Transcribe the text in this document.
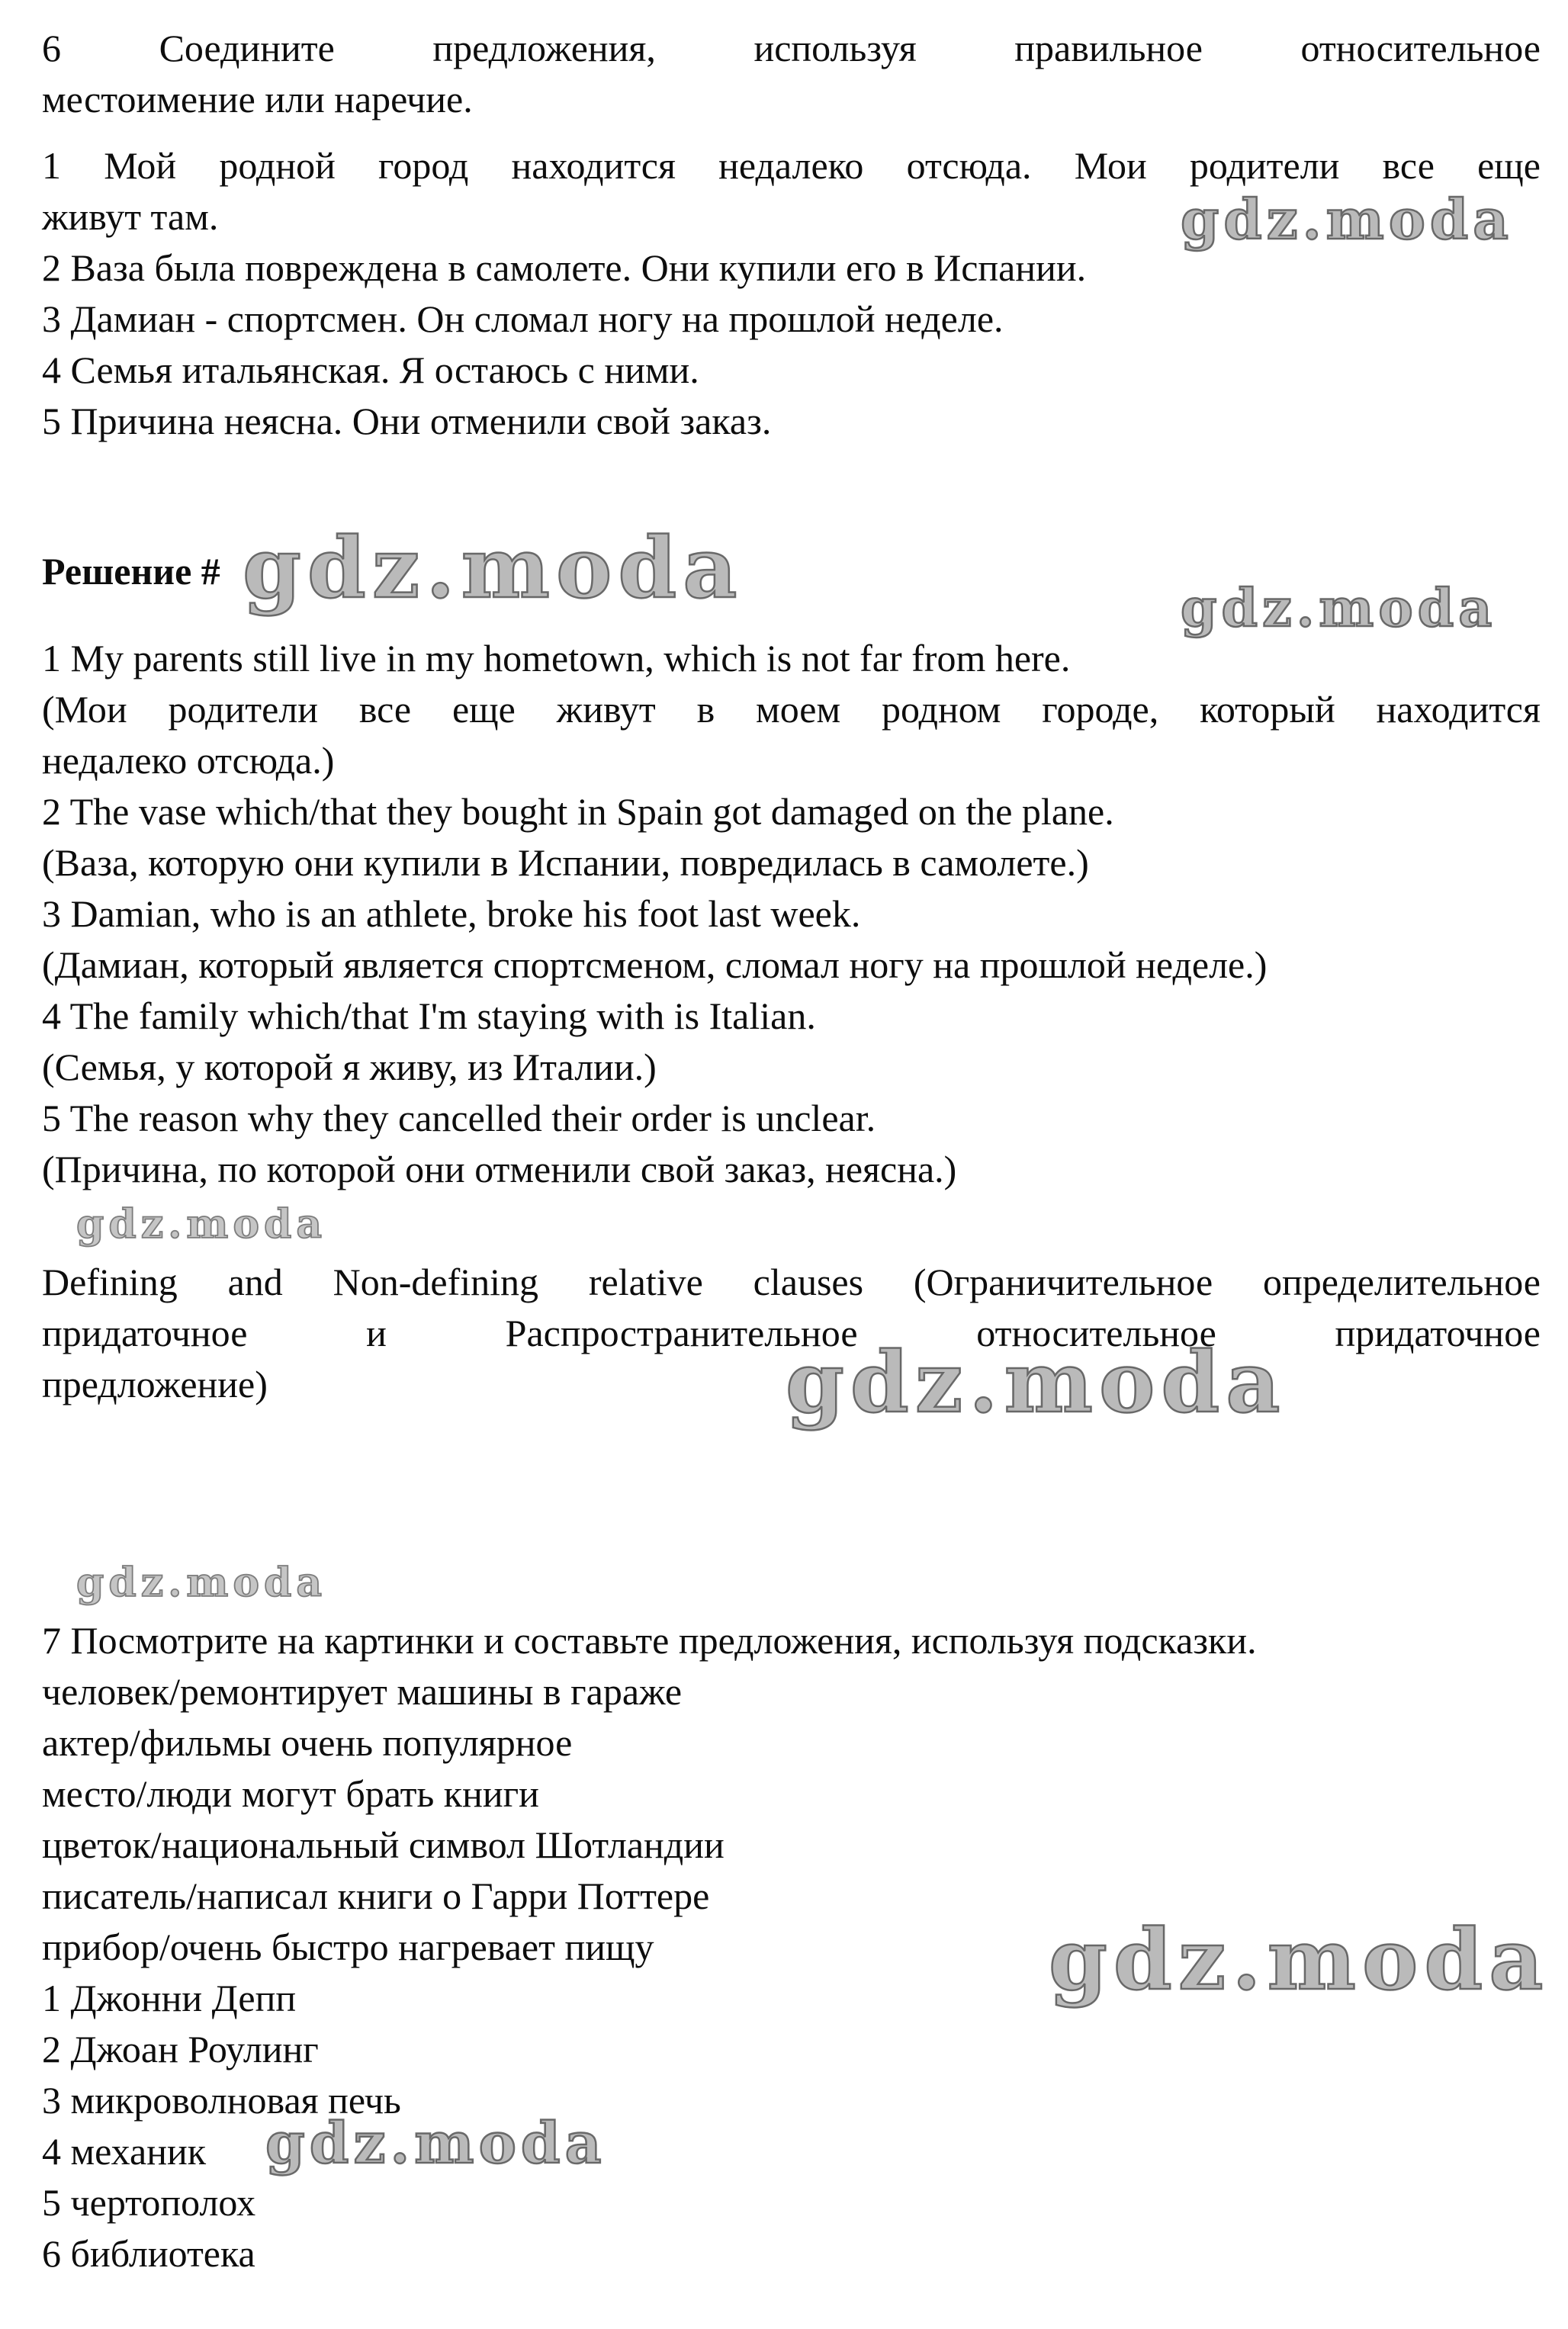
6 Соедините предложения, используя правильное относительное
местоимение или наречие.
1 Мой родной город находится недалеко отсюда. Мои родители все еще
живут там.
2 Ваза была повреждена в самолете. Они купили его в Испании.
3 Дамиан - спортсмен. Он сломал ногу на прошлой неделе.
4 Семья итальянская. Я остаюсь с ними.
5 Причина неясна. Они отменили свой заказ.
Решение #
1 My parents still live in my hometown, which is not far from here.
(Мои родители все еще живут в моем родном городе, который находится
недалеко отсюда.)
2 The vase which/that they bought in Spain got damaged on the plane.
(Ваза, которую они купили в Испании, повредилась в самолете.)
3 Damian, who is an athlete, broke his foot last week.
(Дамиан, который является спортсменом, сломал ногу на прошлой неделе.)
4 The family which/that I'm staying with is Italian.
(Семья, у которой я живу, из Италии.)
5 The reason why they cancelled their order is unclear.
(Причина, по которой они отменили свой заказ, неясна.)
Defining and Non-defining relative clauses (Ограничительное определительное
придаточное и Распространительное относительное придаточное
предложение)
7 Посмотрите на картинки и составьте предложения, используя подсказки.
человек/ремонтирует машины в гараже
актер/фильмы очень популярное
место/люди могут брать книги
цветок/национальный символ Шотландии
писатель/написал книги о Гарри Поттере
прибор/очень быстро нагревает пищу
1 Джонни Депп
2 Джоан Роулинг
3 микроволновая печь
4 механик
5 чертополох
6 библиотека
gdz.moda
gdz.moda	gdz.moda
gdz.moda
gdz.moda
gdz.moda
gdz.moda
gdz.moda
